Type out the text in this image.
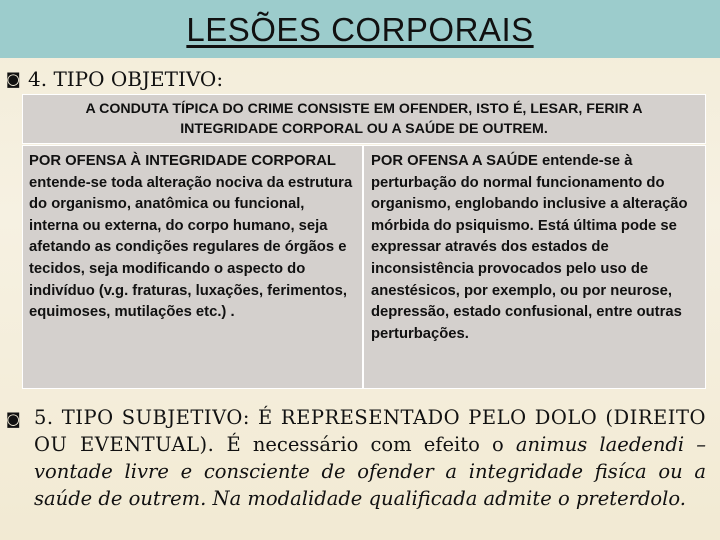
LESÕES CORPORAIS
◙ 4. TIPO OBJETIVO:
A CONDUTA TÍPICA DO CRIME CONSISTE EM OFENDER, ISTO É, LESAR, FERIR A INTEGRIDADE CORPORAL OU A SAÚDE DE OUTREM.
POR OFENSA À INTEGRIDADE CORPORAL entende-se toda alteração nociva da estrutura do organismo, anatômica ou funcional, interna ou externa, do corpo humano, seja afetando as condições regulares de órgãos e tecidos, seja modificando o aspecto do indivíduo (v.g. fraturas, luxações, ferimentos, equimoses, mutilações etc.) .
POR OFENSA A SAÚDE entende-se à perturbação do normal funcionamento do organismo, englobando inclusive a alteração mórbida do psiquismo. Está última pode se expressar através dos estados de inconsistência provocados pelo uso de anestésicos, por exemplo, ou por neurose, depressão, estado confusional, entre outras perturbações.
◙ 5. TIPO SUBJETIVO: É REPRESENTADO PELO DOLO (DIREITO OU EVENTUAL). É necessário com efeito o animus laedendi – vontade livre e consciente de ofender a integridade fisíca ou a saúde de outrem. Na modalidade qualificada admite o preterdolo.
